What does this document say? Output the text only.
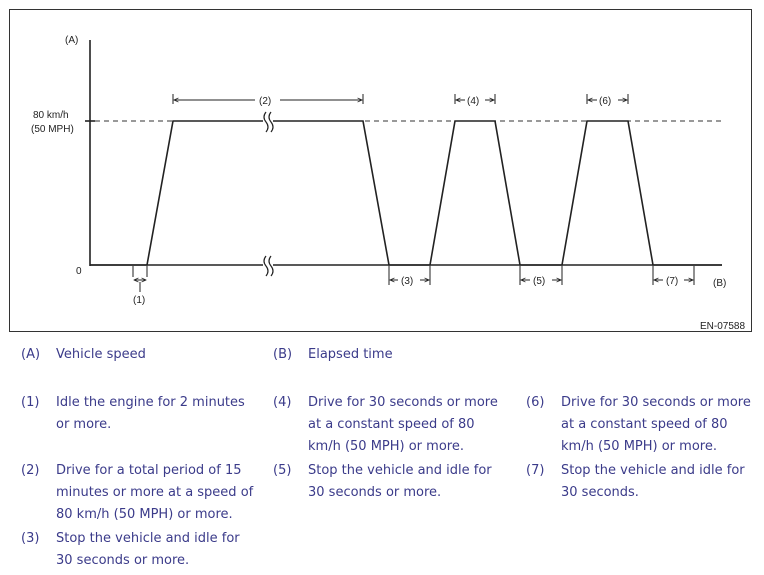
(A)
(B)
80 km/h
(50 MPH)
0
(1)
(2)
(3)
(4)
(5)
(6)
(7)
EN-07588
(A) Vehicle speed	(B) Elapsed time
(1) Idle the engine for 2 minutes
or more.
(2) Drive for a total period of 15
minutes or more at a speed of
80 km/h (50 MPH) or more.
(3) Stop the vehicle and idle for
30 seconds or more.
(4) Drive for 30 seconds or more
at a constant speed of 80
km/h (50 MPH) or more.
(5) Stop the vehicle and idle for
30 seconds or more.
(6) Drive for 30 seconds or more
at a constant speed of 80
km/h (50 MPH) or more.
(7) Stop the vehicle and idle for
30 seconds.
